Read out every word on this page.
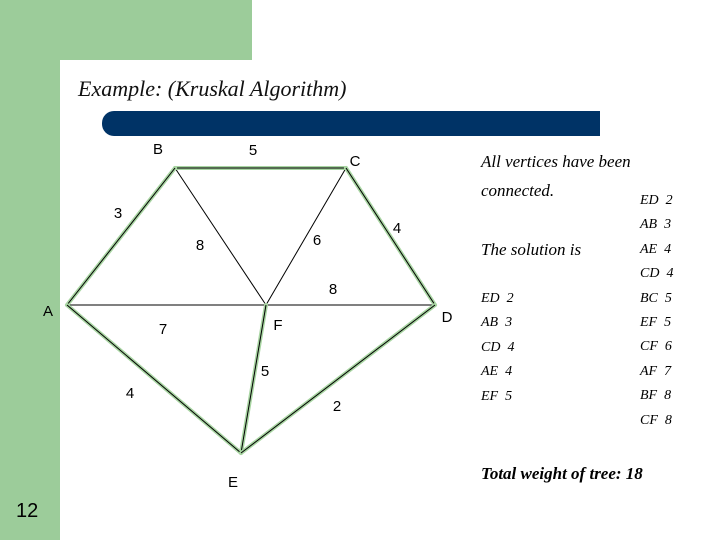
Example: (Kruskal Algorithm)
5
3
4
8	6
8
7
5
4
2
B
C
A
F	D
E
All vertices have been
connected.
The solution is
ED 2
AB 3
CD 4
AE 4
EF 5
ED 2
AB 3
AE 4
CD 4
BC 5
EF 5
CF 6
AF 7
BF 8
CF 8
Total weight of tree: 18
12
